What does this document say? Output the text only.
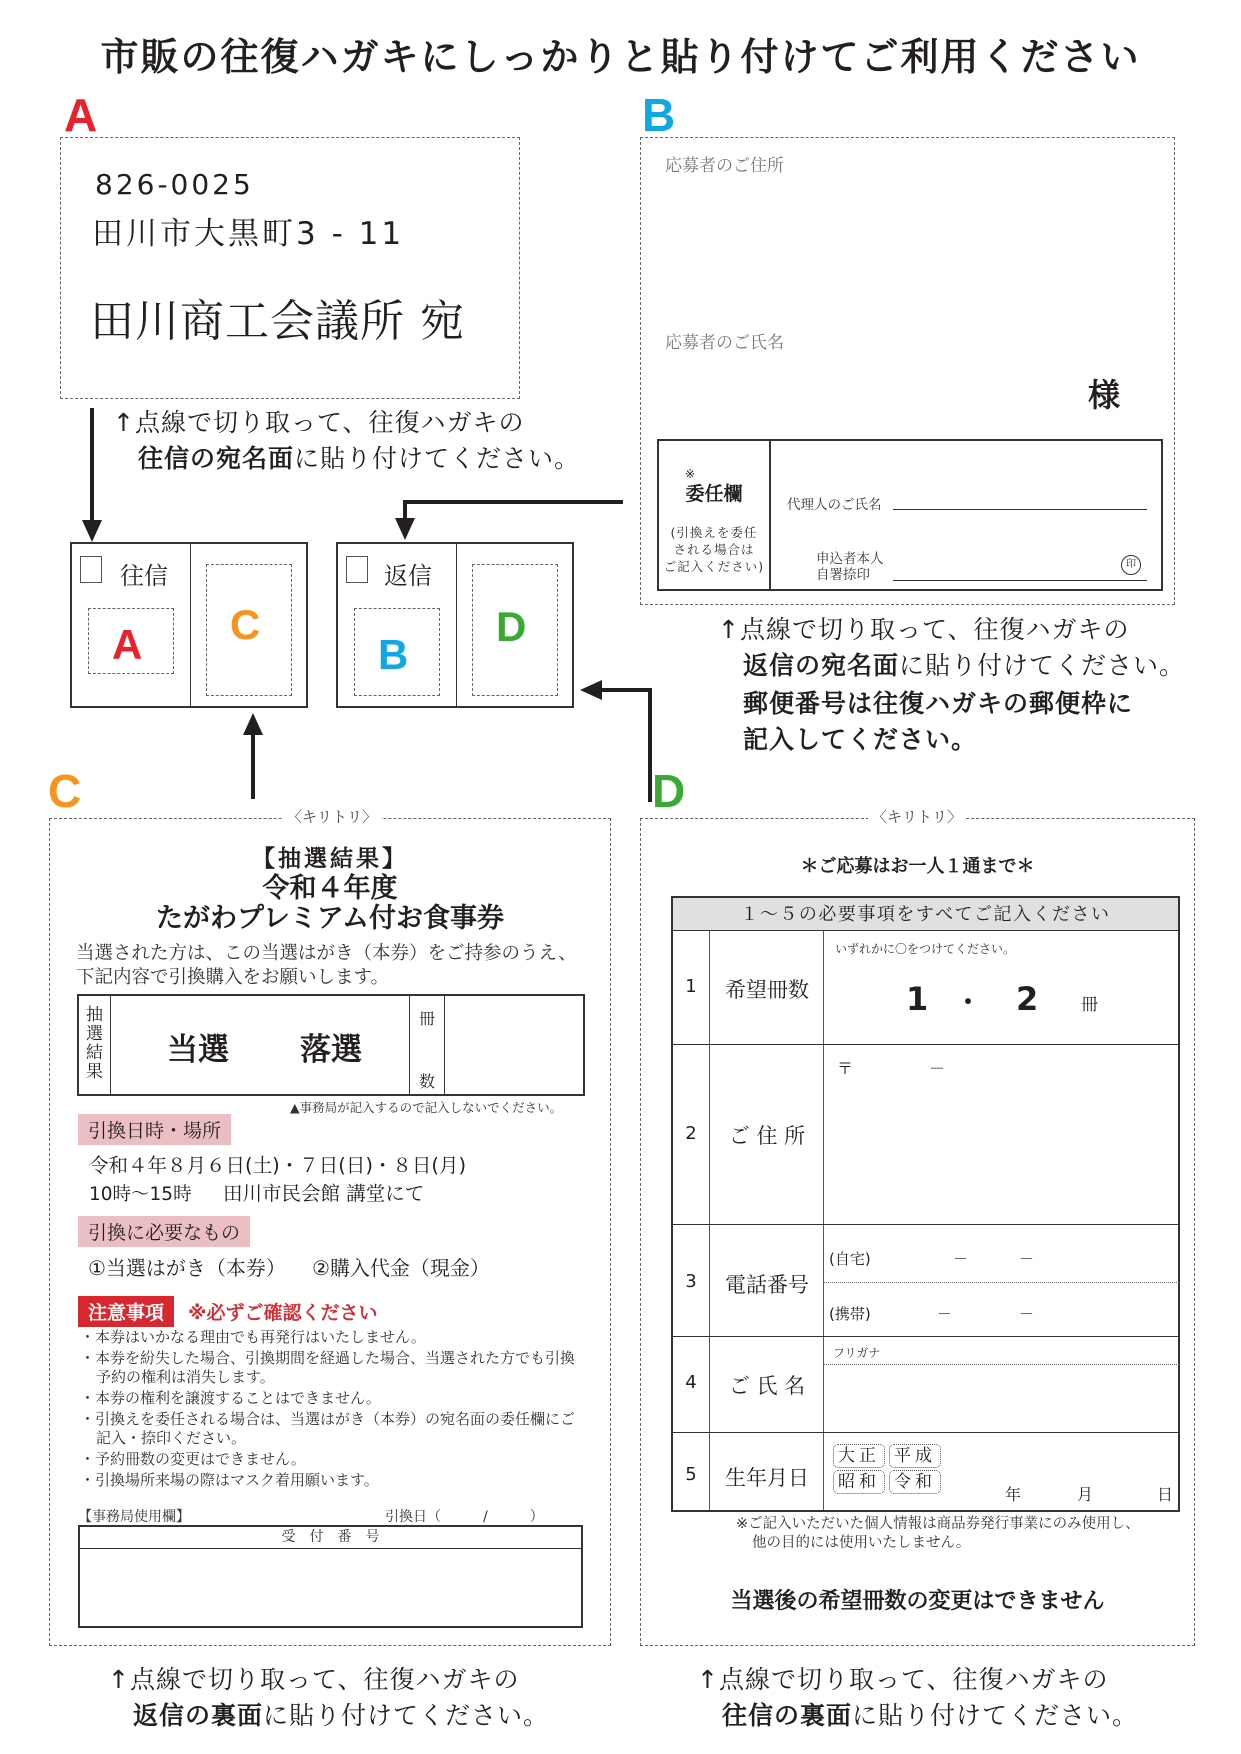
市販の往復ハガキにしっかりと貼り付けてご利用ください
A	B
C	D
826-0025
田川市大黒町3 - 11
田川商工会議所 宛
↑点線で切り取って、往復ハガキの
往信の宛名面に貼り付けてください。
応募者のご住所
応募者のご氏名
様
※
委任欄
(引換えを委任
される場合は
ご記入ください)
代理人のご氏名
申込者本人
自署捺印
印
↑点線で切り取って、往復ハガキの
返信の宛名面に貼り付けてください。
郵便番号は往復ハガキの郵便枠に
記入してください。
往信
A C
返信
B
D
〈キリトリ〉
【抽選結果】
令和４年度
たがわプレミアム付お食事券
当選された方は、この当選はがき（本券）をご持参のうえ、
下記内容で引換購入をお願いします。
抽
選
結
果
当選 落選
冊
数
▲事務局が記入するので記入しないでください。
引換日時・場所
令和４年８月６日(土)・７日(日)・８日(月)
10時〜15時 田川市民会館 講堂にて
引換に必要なもの
①当選はがき（本券） ②購入代金（現金）
注意事項	※必ずご確認ください
・本券はいかなる理由でも再発行はいたしません。
・本券を紛失した場合、引換期間を経過した場合、当選された方でも引換予約の権利は消失します。
・本券の権利を譲渡することはできません。
・引換えを委任される場合は、当選はがき（本券）の宛名面の委任欄にご記入・捺印ください。
・予約冊数の変更はできません。
・引換場所来場の際はマスク着用願います。
【事務局使用欄】	引換日（　　　/　　　）
受　付　番　号
↑点線で切り取って、往復ハガキの
返信の裏面に貼り付けてください。
〈キリトリ〉
＊ご応募はお一人１通まで＊
１～５の必要事項をすべてご記入ください
1	希望冊数
いずれかに〇をつけてください。
1 ・ 2	冊
2	ご 住 所
〒	－
3	電話番号
(自宅)	－	－
(携帯)	－	－
4	ご 氏 名
フリガナ
5	生年月日
大正 平成
昭和 令和
年	月	日
※ご記入いただいた個人情報は商品券発行事業にのみ使用し、
他の目的には使用いたしません。
当選後の希望冊数の変更はできません
↑点線で切り取って、往復ハガキの
往信の裏面に貼り付けてください。
